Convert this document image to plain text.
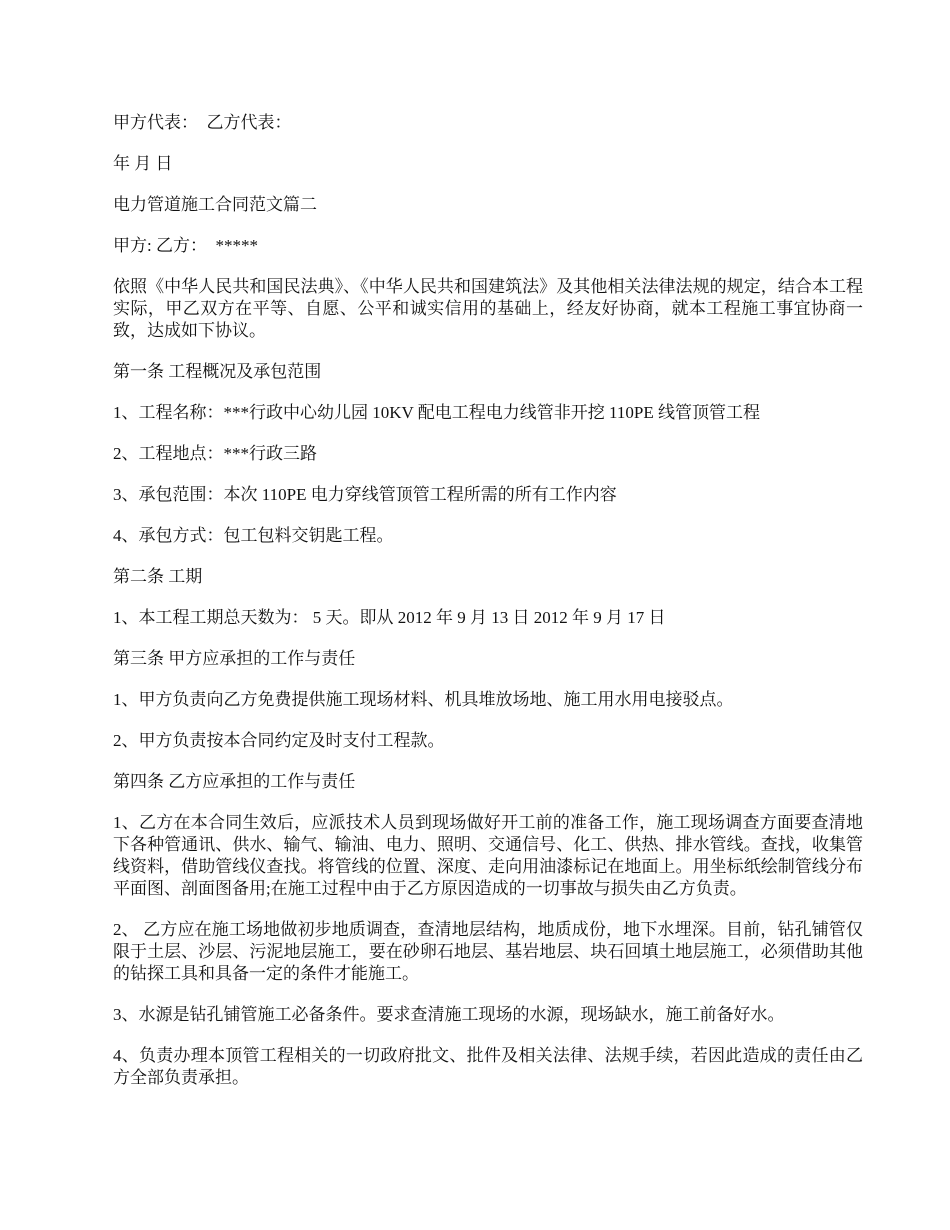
甲方代表：  乙方代表：

年 月 日

电力管道施工合同范文篇二

甲方: 乙方：  *****

依照《中华人民共和国民法典》、《中华人民共和国建筑法》及其他相关法律法规的规定，结合本工程实际，甲乙双方在平等、自愿、公平和诚实信用的基础上，经友好协商，就本工程施工事宜协商一致，达成如下协议。

第一条 工程概况及承包范围

1、工程名称：***行政中心幼儿园 10KV 配电工程电力线管非开挖 110PE 线管顶管工程

2、工程地点：***行政三路

3、承包范围：本次 110PE 电力穿线管顶管工程所需的所有工作内容

4、承包方式：包工包料交钥匙工程。

第二条 工期

1、本工程工期总天数为： 5 天。即从 2012 年 9 月 13 日 2012 年 9 月 17 日

第三条 甲方应承担的工作与责任

1、甲方负责向乙方免费提供施工现场材料、机具堆放场地、施工用水用电接驳点。

2、甲方负责按本合同约定及时支付工程款。

第四条 乙方应承担的工作与责任

1、乙方在本合同生效后，应派技术人员到现场做好开工前的准备工作，施工现场调查方面要查清地下各种管通讯、供水、输气、输油、电力、照明、交通信号、化工、供热、排水管线。查找，收集管线资料，借助管线仪查找。将管线的位置、深度、走向用油漆标记在地面上。用坐标纸绘制管线分布平面图、剖面图备用;在施工过程中由于乙方原因造成的一切事故与损失由乙方负责。

2、 乙方应在施工场地做初步地质调查，查清地层结构，地质成份，地下水埋深。目前，钻孔铺管仅限于土层、沙层、污泥地层施工，要在砂卵石地层、基岩地层、块石回填土地层施工，必须借助其他的钻探工具和具备一定的条件才能施工。

3、水源是钻孔铺管施工必备条件。要求查清施工现场的水源，现场缺水，施工前备好水。

4、负责办理本顶管工程相关的一切政府批文、批件及相关法律、法规手续，若因此造成的责任由乙方全部负责承担。
